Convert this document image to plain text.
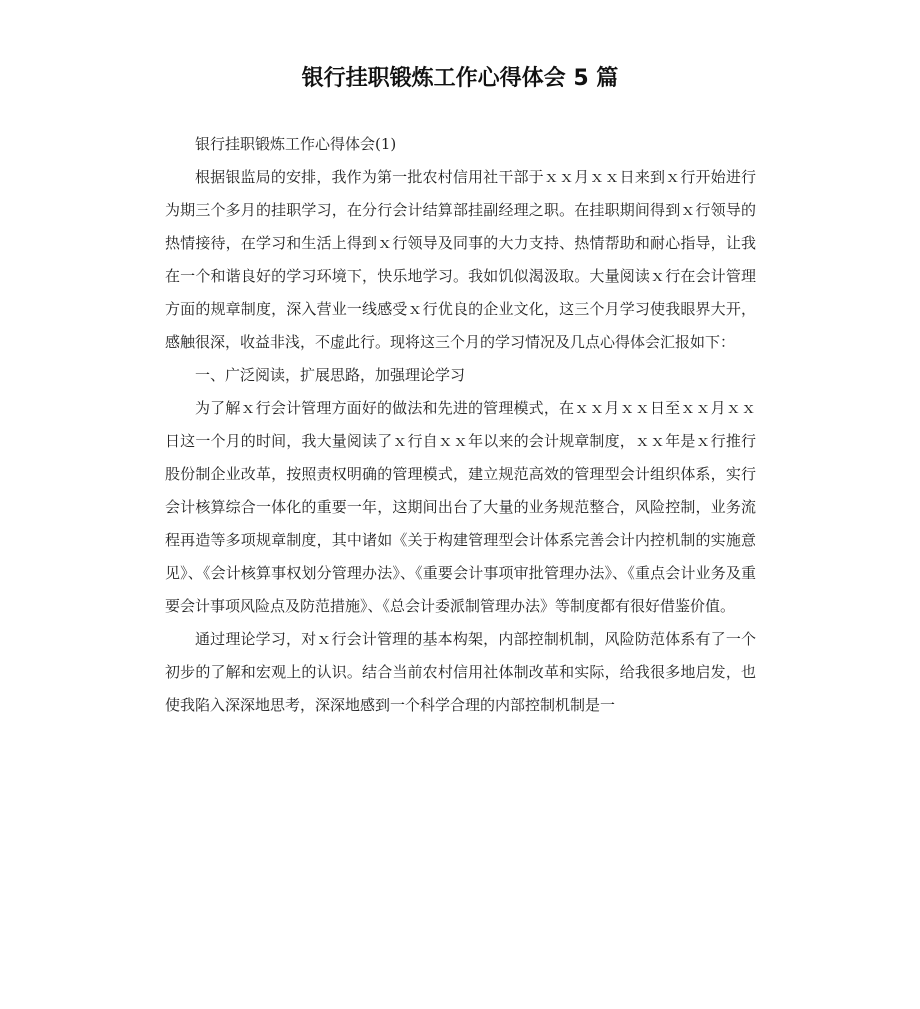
银行挂职锻炼工作心得体会 5 篇

银行挂职锻炼工作心得体会(1)

根据银监局的安排，我作为第一批农村信用社干部于ｘｘ月ｘｘ日来到ｘ行开始进行为期三个多月的挂职学习，在分行会计结算部挂副经理之职。在挂职期间得到ｘ行领导的热情接待，在学习和生活上得到ｘ行领导及同事的大力支持、热情帮助和耐心指导，让我在一个和谐良好的学习环境下，快乐地学习。我如饥似渴汲取。大量阅读ｘ行在会计管理方面的规章制度，深入营业一线感受ｘ行优良的企业文化，这三个月学习使我眼界大开，感触很深，收益非浅，不虚此行。现将这三个月的学习情况及几点心得体会汇报如下：

一、广泛阅读，扩展思路，加强理论学习

为了解ｘ行会计管理方面好的做法和先进的管理模式，在ｘｘ月ｘｘ日至ｘｘ月ｘｘ日这一个月的时间，我大量阅读了ｘ行自ｘｘ年以来的会计规章制度，ｘｘ年是ｘ行推行股份制企业改革，按照责权明确的管理模式，建立规范高效的管理型会计组织体系，实行会计核算综合一体化的重要一年，这期间出台了大量的业务规范整合，风险控制，业务流程再造等多项规章制度，其中诸如《关于构建管理型会计体系完善会计内控机制的实施意见》、《会计核算事权划分管理办法》、《重要会计事项审批管理办法》、《重点会计业务及重要会计事项风险点及防范措施》、《总会计委派制管理办法》等制度都有很好借鉴价值。

通过理论学习，对ｘ行会计管理的基本构架，内部控制机制，风险防范体系有了一个初步的了解和宏观上的认识。结合当前农村信用社体制改革和实际，给我很多地启发，也使我陷入深深地思考，深深地感到一个科学合理的内部控制机制是一
